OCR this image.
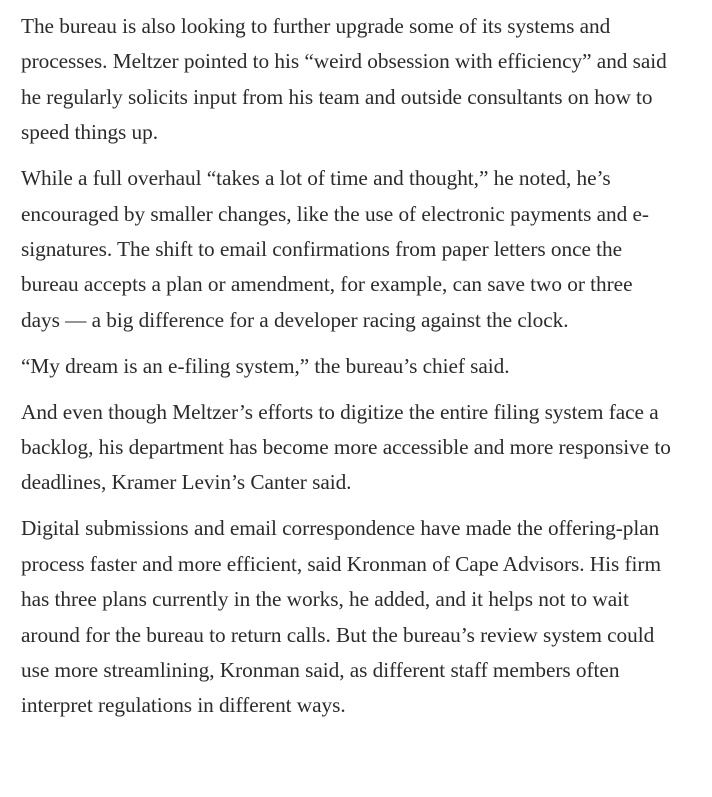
The bureau is also looking to further upgrade some of its systems and processes. Meltzer pointed to his “weird obsession with efficiency” and said he regularly solicits input from his team and outside consultants on how to speed things up.

While a full overhaul “takes a lot of time and thought,” he noted, he’s encouraged by smaller changes, like the use of electronic payments and e-signatures. The shift to email confirmations from paper letters once the bureau accepts a plan or amendment, for example, can save two or three days — a big difference for a developer racing against the clock.

“My dream is an e-filing system,” the bureau’s chief said.

And even though Meltzer’s efforts to digitize the entire filing system face a backlog, his department has become more accessible and more responsive to deadlines, Kramer Levin’s Canter said.

Digital submissions and email correspondence have made the offering-plan process faster and more efficient, said Kronman of Cape Advisors. His firm has three plans currently in the works, he added, and it helps not to wait around for the bureau to return calls. But the bureau’s review system could use more streamlining, Kronman said, as different staff members often interpret regulations in different ways.
